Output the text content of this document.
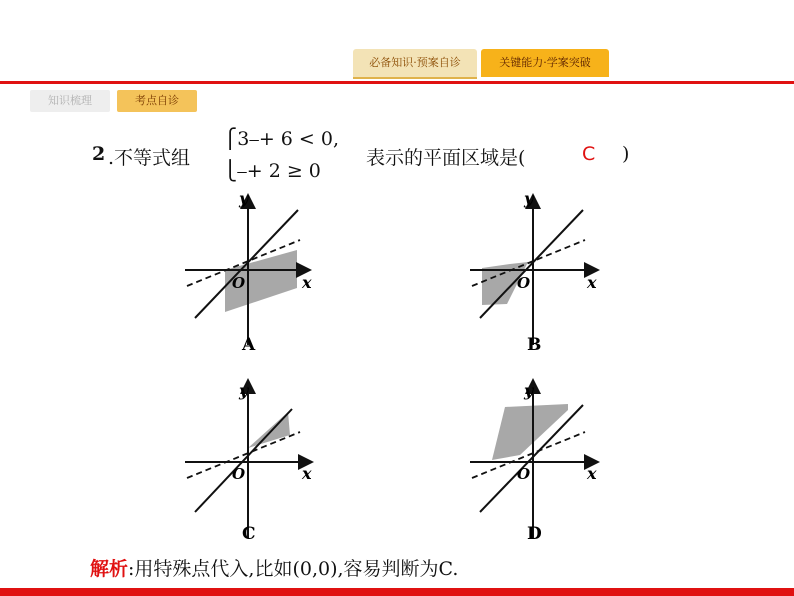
必备知识·预案自诊	关键能力·学案突破
知识梳理	考点自诊
2 .不等式组
⎧3⎯+ 6 < 0,
⎩⎯+ 2 ≥ 0
表示的平面区域是(	C )
y
x
O
A
y
x
O
B
y
x
O
C
y
x
O
D
解析:用特殊点代入,比如(0,0),容易判断为C.
